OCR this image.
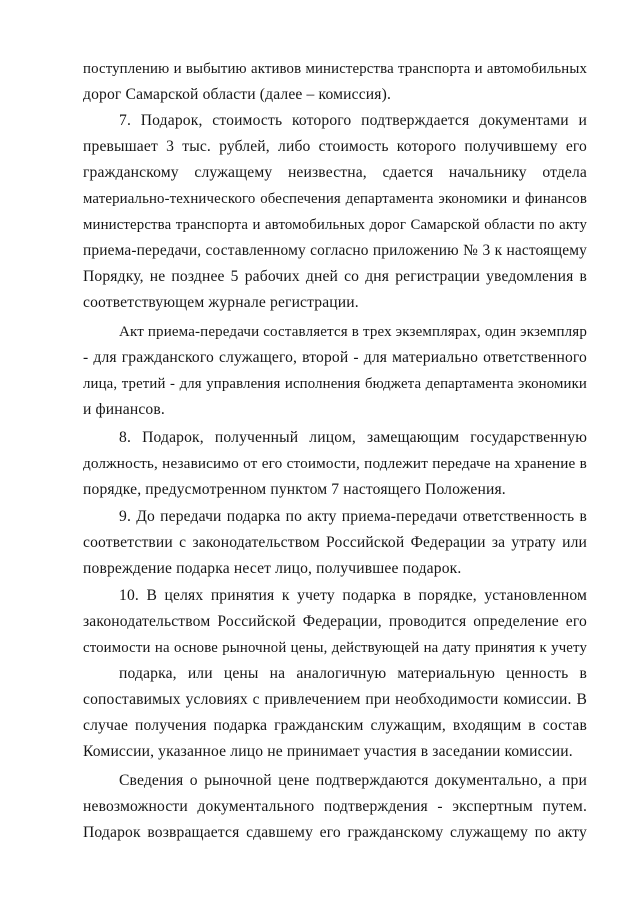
поступлению и выбытию активов министерства транспорта и автомобильных
дорог Самарской области (далее – комиссия).
7. Подарок, стоимость которого подтверждается документами и
превышает 3 тыс. рублей, либо стоимость которого получившему его
гражданскому служащему неизвестна, сдается начальнику отдела
материально-технического обеспечения департамента экономики и финансов
министерства транспорта и автомобильных дорог Самарской области по акту
приема-передачи, составленному согласно приложению № 3 к настоящему
Порядку, не позднее 5 рабочих дней со дня регистрации уведомления в
соответствующем журнале регистрации.
Акт приема-передачи составляется в трех экземплярах, один экземпляр
- для гражданского служащего, второй - для материально ответственного
лица, третий - для управления исполнения бюджета департамента экономики
и финансов.
8. Подарок, полученный лицом, замещающим государственную
должность, независимо от его стоимости, подлежит передаче на хранение в
порядке, предусмотренном пунктом 7 настоящего Положения.
9. До передачи подарка по акту приема-передачи ответственность в
соответствии с законодательством Российской Федерации за утрату или
повреждение подарка несет лицо, получившее подарок.
10. В целях принятия к учету подарка в порядке, установленном
законодательством Российской Федерации, проводится определение его
стоимости на основе рыночной цены, действующей на дату принятия к учету
подарка, или цены на аналогичную материальную ценность в
сопоставимых условиях с привлечением при необходимости комиссии. В
случае получения подарка гражданским служащим, входящим в состав
Комиссии, указанное лицо не принимает участия в заседании комиссии.
Сведения о рыночной цене подтверждаются документально, а при
невозможности документального подтверждения - экспертным путем.
Подарок возвращается сдавшему его гражданскому служащему по акту
